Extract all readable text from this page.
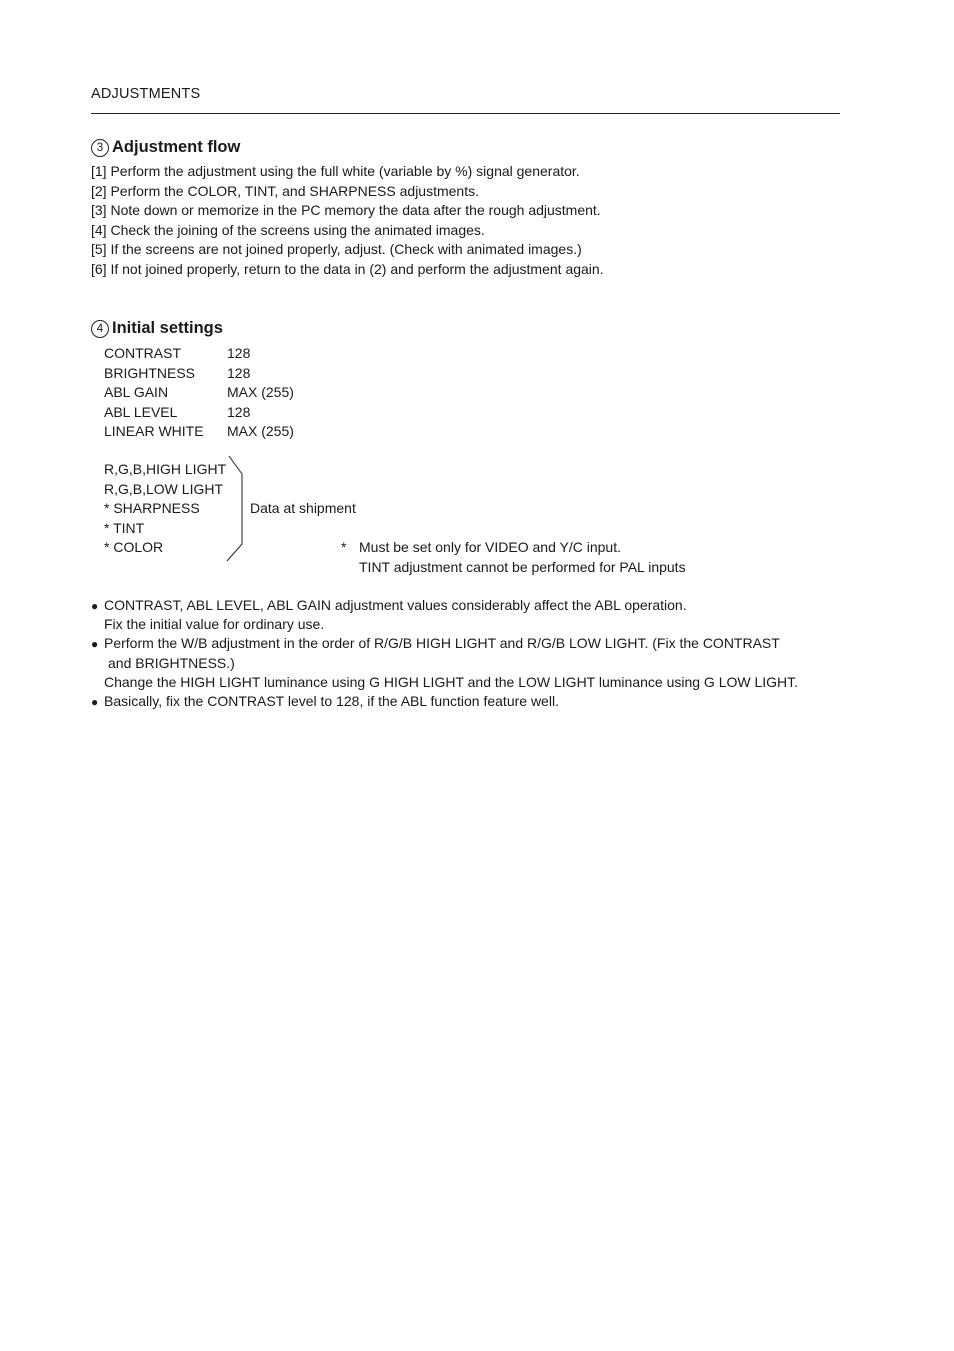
ADJUSTMENTS
3 Adjustment flow
[1] Perform the adjustment using the full white (variable by %) signal generator.
[2] Perform the COLOR, TINT, and SHARPNESS adjustments.
[3] Note down or memorize in the PC memory the data after the rough adjustment.
[4] Check the joining of the screens using the animated images.
[5] If the screens are not joined properly, adjust. (Check with animated images.)
[6] If not joined properly, return to the data in (2) and perform the adjustment again.
4 Initial settings
CONTRAST	128
BRIGHTNESS	128
ABL GAIN	MAX (255)
ABL LEVEL	128
LINEAR WHITE	MAX (255)
R,G,B,HIGH LIGHT
R,G,B,LOW LIGHT
* SHARPNESS
* TINT
* COLOR
Data at shipment
* Must be set only for VIDEO and Y/C input.
TINT adjustment cannot be performed for PAL inputs
● CONTRAST, ABL LEVEL, ABL GAIN adjustment values considerably affect the ABL operation.
Fix the initial value for ordinary use.
● Perform the W/B adjustment in the order of R/G/B HIGH LIGHT and R/G/B LOW LIGHT. (Fix the CONTRAST
and BRIGHTNESS.)
Change the HIGH LIGHT luminance using G HIGH LIGHT and the LOW LIGHT luminance using G LOW LIGHT.
● Basically, fix the CONTRAST level to 128, if the ABL function feature well.
